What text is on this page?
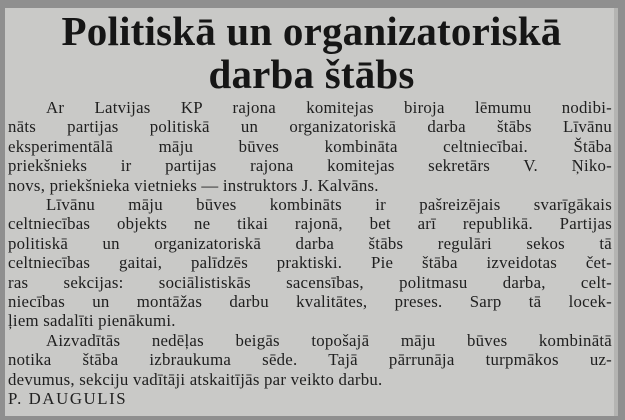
Politiskā un organizatoriskā
darba štābs
Ar Latvijas KP rajona komitejas biroja lēmumu nodibi-
nāts partijas politiskā un organizatoriskā darba štābs Līvānu
eksperimentālā māju būves kombināta celtniecībai. Štāba
priekšnieks ir partijas rajona komitejas sekretārs V. Ņiko-
novs, priekšnieka vietnieks — instruktors J. Kalvāns.
Līvānu māju būves kombināts ir pašreizējais svarīgākais
celtniecības objekts ne tikai rajonā, bet arī republikā. Partijas
politiskā un organizatoriskā darba štābs regulāri sekos tā
celtniecības gaitai, palīdzēs praktiski. Pie štāba izveidotas čet-
ras sekcijas: sociālistiskās sacensības, politmasu darba, celt-
niecības un montāžas darbu kvalitātes, preses. Sarp tā locek-
ļiem sadalīti pienākumi.
Aizvadītās nedēļas beigās topošajā māju būves kombinātā
notika štāba izbraukuma sēde. Tajā pārrunāja turpmākos uz-
devumus, sekciju vadītāji atskaitījās par veikto darbu.
P. DAUGULIS
